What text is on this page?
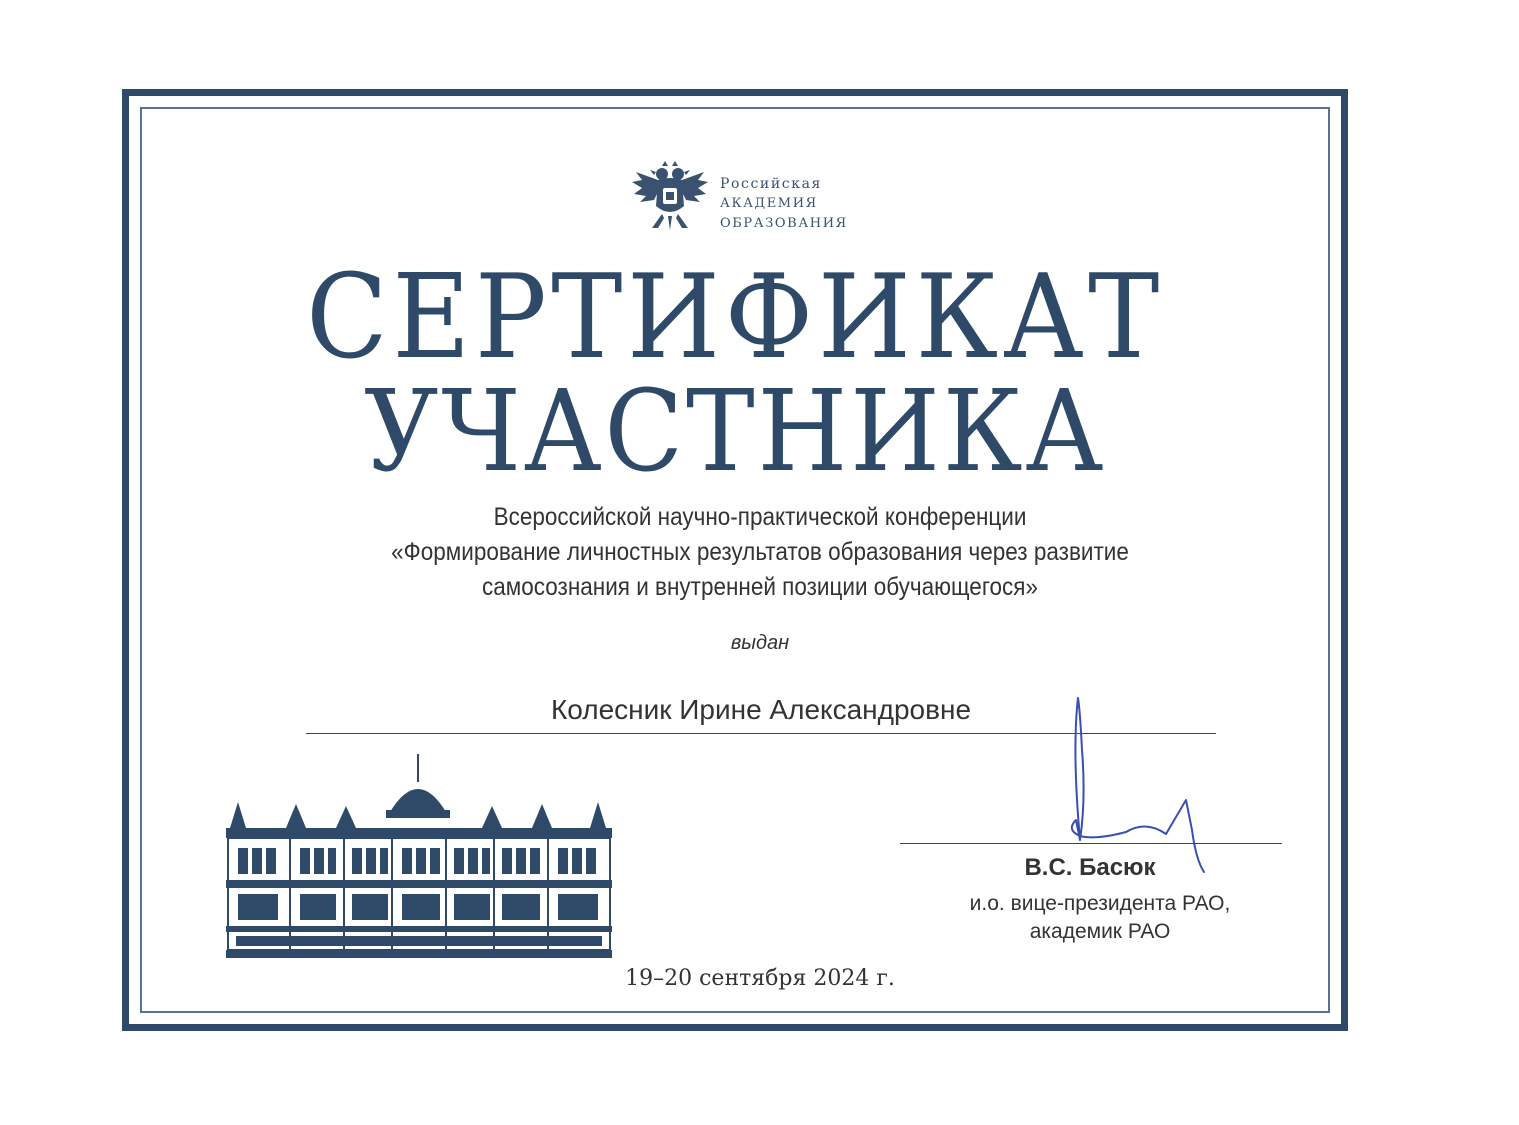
Российская
АКАДЕМИЯ
ОБРАЗОВАНИЯ
СЕРТИФИКАТ
УЧАСТНИКА
Всероссийской научно-практической конференции
«Формирование личностных результатов образования через развитие
самосознания и внутренней позиции обучающегося»
выдан
Колесник Ирине Александровне
В.С. Басюк
и.о. вице-президента РАО,
академик РАО
19–20 сентября 2024 г.
